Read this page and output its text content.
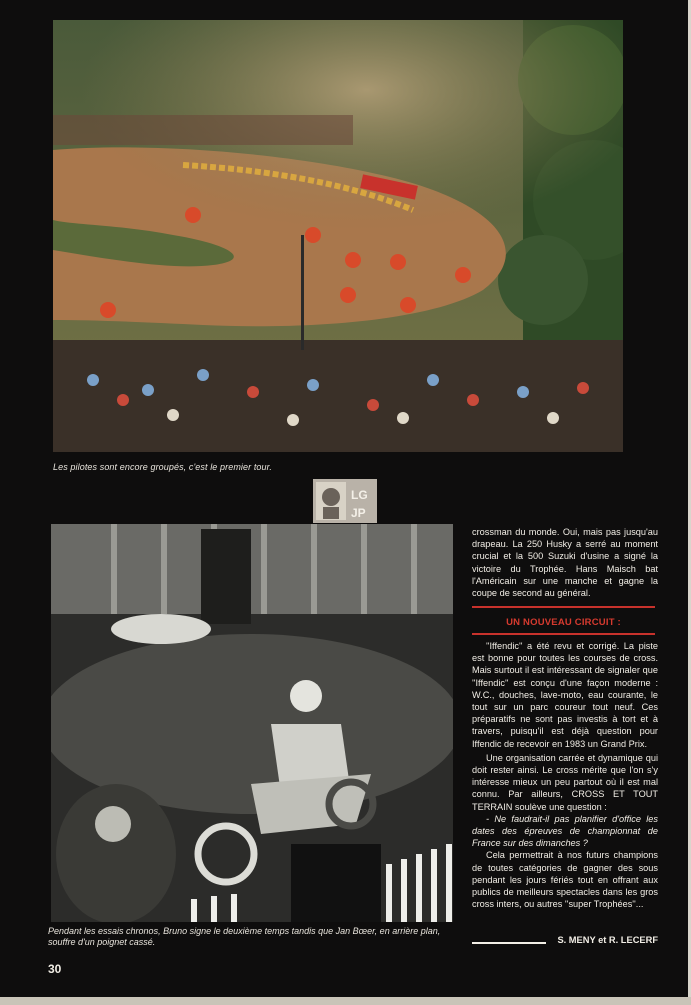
Les pilotes sont encore groupés, c'est le premier tour.
LG
JP
Pendant les essais chronos, Bruno signe le deuxième temps tandis que Jan Bœer, en arrière plan, souffre d'un poignet cassé.

crossman du monde. Oui, mais pas jusqu'au drapeau. La 250 Husky a serré au moment crucial et la 500 Suzuki d'usine a signé la victoire du Trophée. Hans Maisch bat l'Américain sur une manche et gagne la coupe de second au général.

UN NOUVEAU CIRCUIT :

''Iffendic'' a été revu et corrigé. La piste est bonne pour toutes les courses de cross. Mais surtout il est intéressant de signaler que ''Iffendic'' est conçu d'une façon moderne : W.C., douches, lave-moto, eau courante, le tout sur un parc coureur tout neuf. Ces préparatifs ne sont pas investis à tort et à travers, puisqu'il est déjà question pour Iffendic de recevoir en 1983 un Grand Prix.

Une organisation carrée et dynamique qui doit rester ainsi. Le cross mérite que l'on s'y intéresse mieux un peu partout où il est mal connu. Par ailleurs, CROSS ET TOUT TERRAIN soulève une question :

- Ne faudrait-il pas planifier d'office les dates des épreuves de championnat de France sur des dimanches ?

Cela permettrait à nos futurs champions de toutes catégories de gagner des sous pendant les jours fériés tout en offrant aux publics de meilleurs spectacles dans les gros cross inters, ou autres ''super Trophées''...

S. MENY et R. LECERF
30
